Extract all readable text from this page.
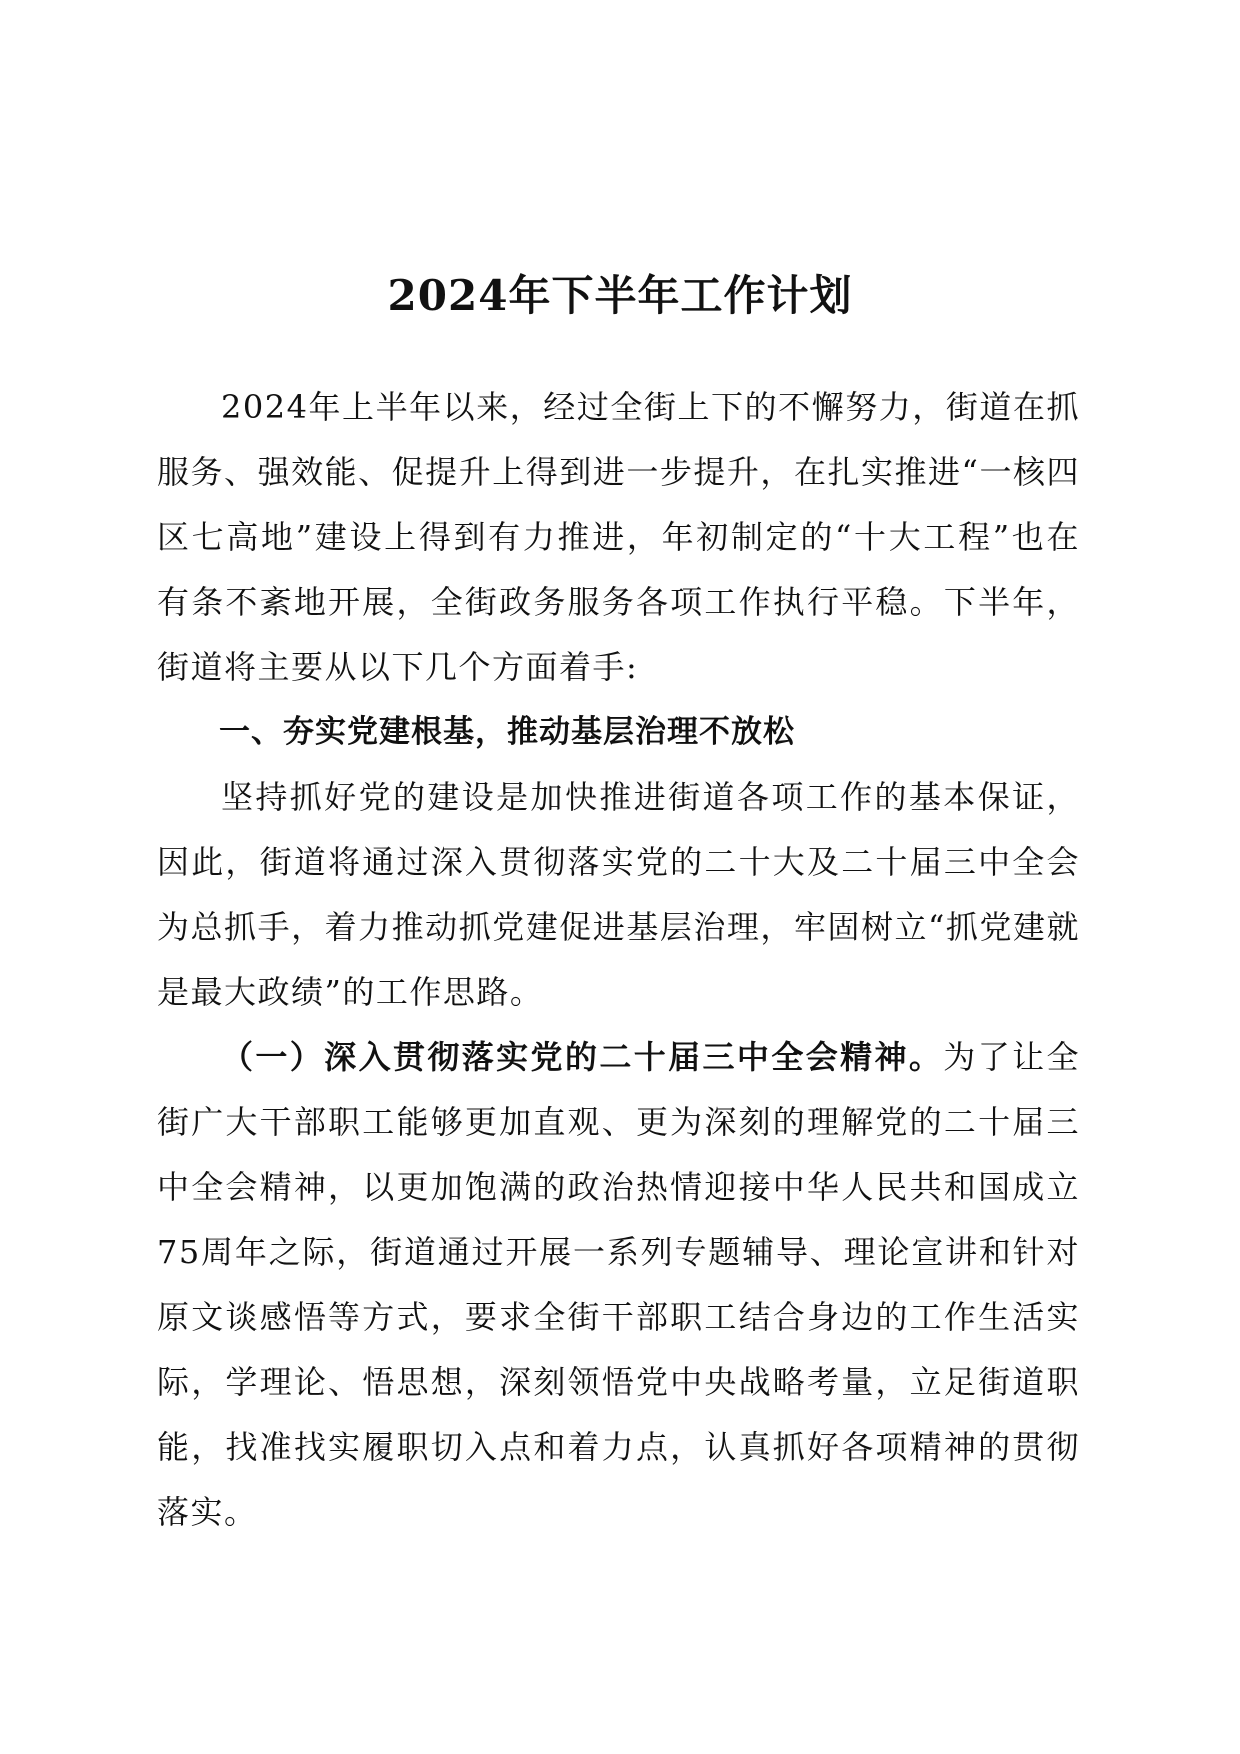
2024年下半年工作计划

2024年上半年以来，经过全街上下的不懈努力，街道在抓服务、强效能、促提升上得到进一步提升，在扎实推进“一核四区七高地”建设上得到有力推进，年初制定的“十大工程”也在有条不紊地开展，全街政务服务各项工作执行平稳。下半年，街道将主要从以下几个方面着手:

一、夯实党建根基，推动基层治理不放松

坚持抓好党的建设是加快推进街道各项工作的基本保证，因此，街道将通过深入贯彻落实党的二十大及二十届三中全会为总抓手，着力推动抓党建促进基层治理，牢固树立“抓党建就是最大政绩”的工作思路。

（一）深入贯彻落实党的二十届三中全会精神。为了让全街广大干部职工能够更加直观、更为深刻的理解党的二十届三中全会精神，以更加饱满的政治热情迎接中华人民共和国成立75周年之际，街道通过开展一系列专题辅导、理论宣讲和针对原文谈感悟等方式，要求全街干部职工结合身边的工作生活实际，学理论、悟思想，深刻领悟党中央战略考量，立足街道职能，找准找实履职切入点和着力点，认真抓好各项精神的贯彻落实。
